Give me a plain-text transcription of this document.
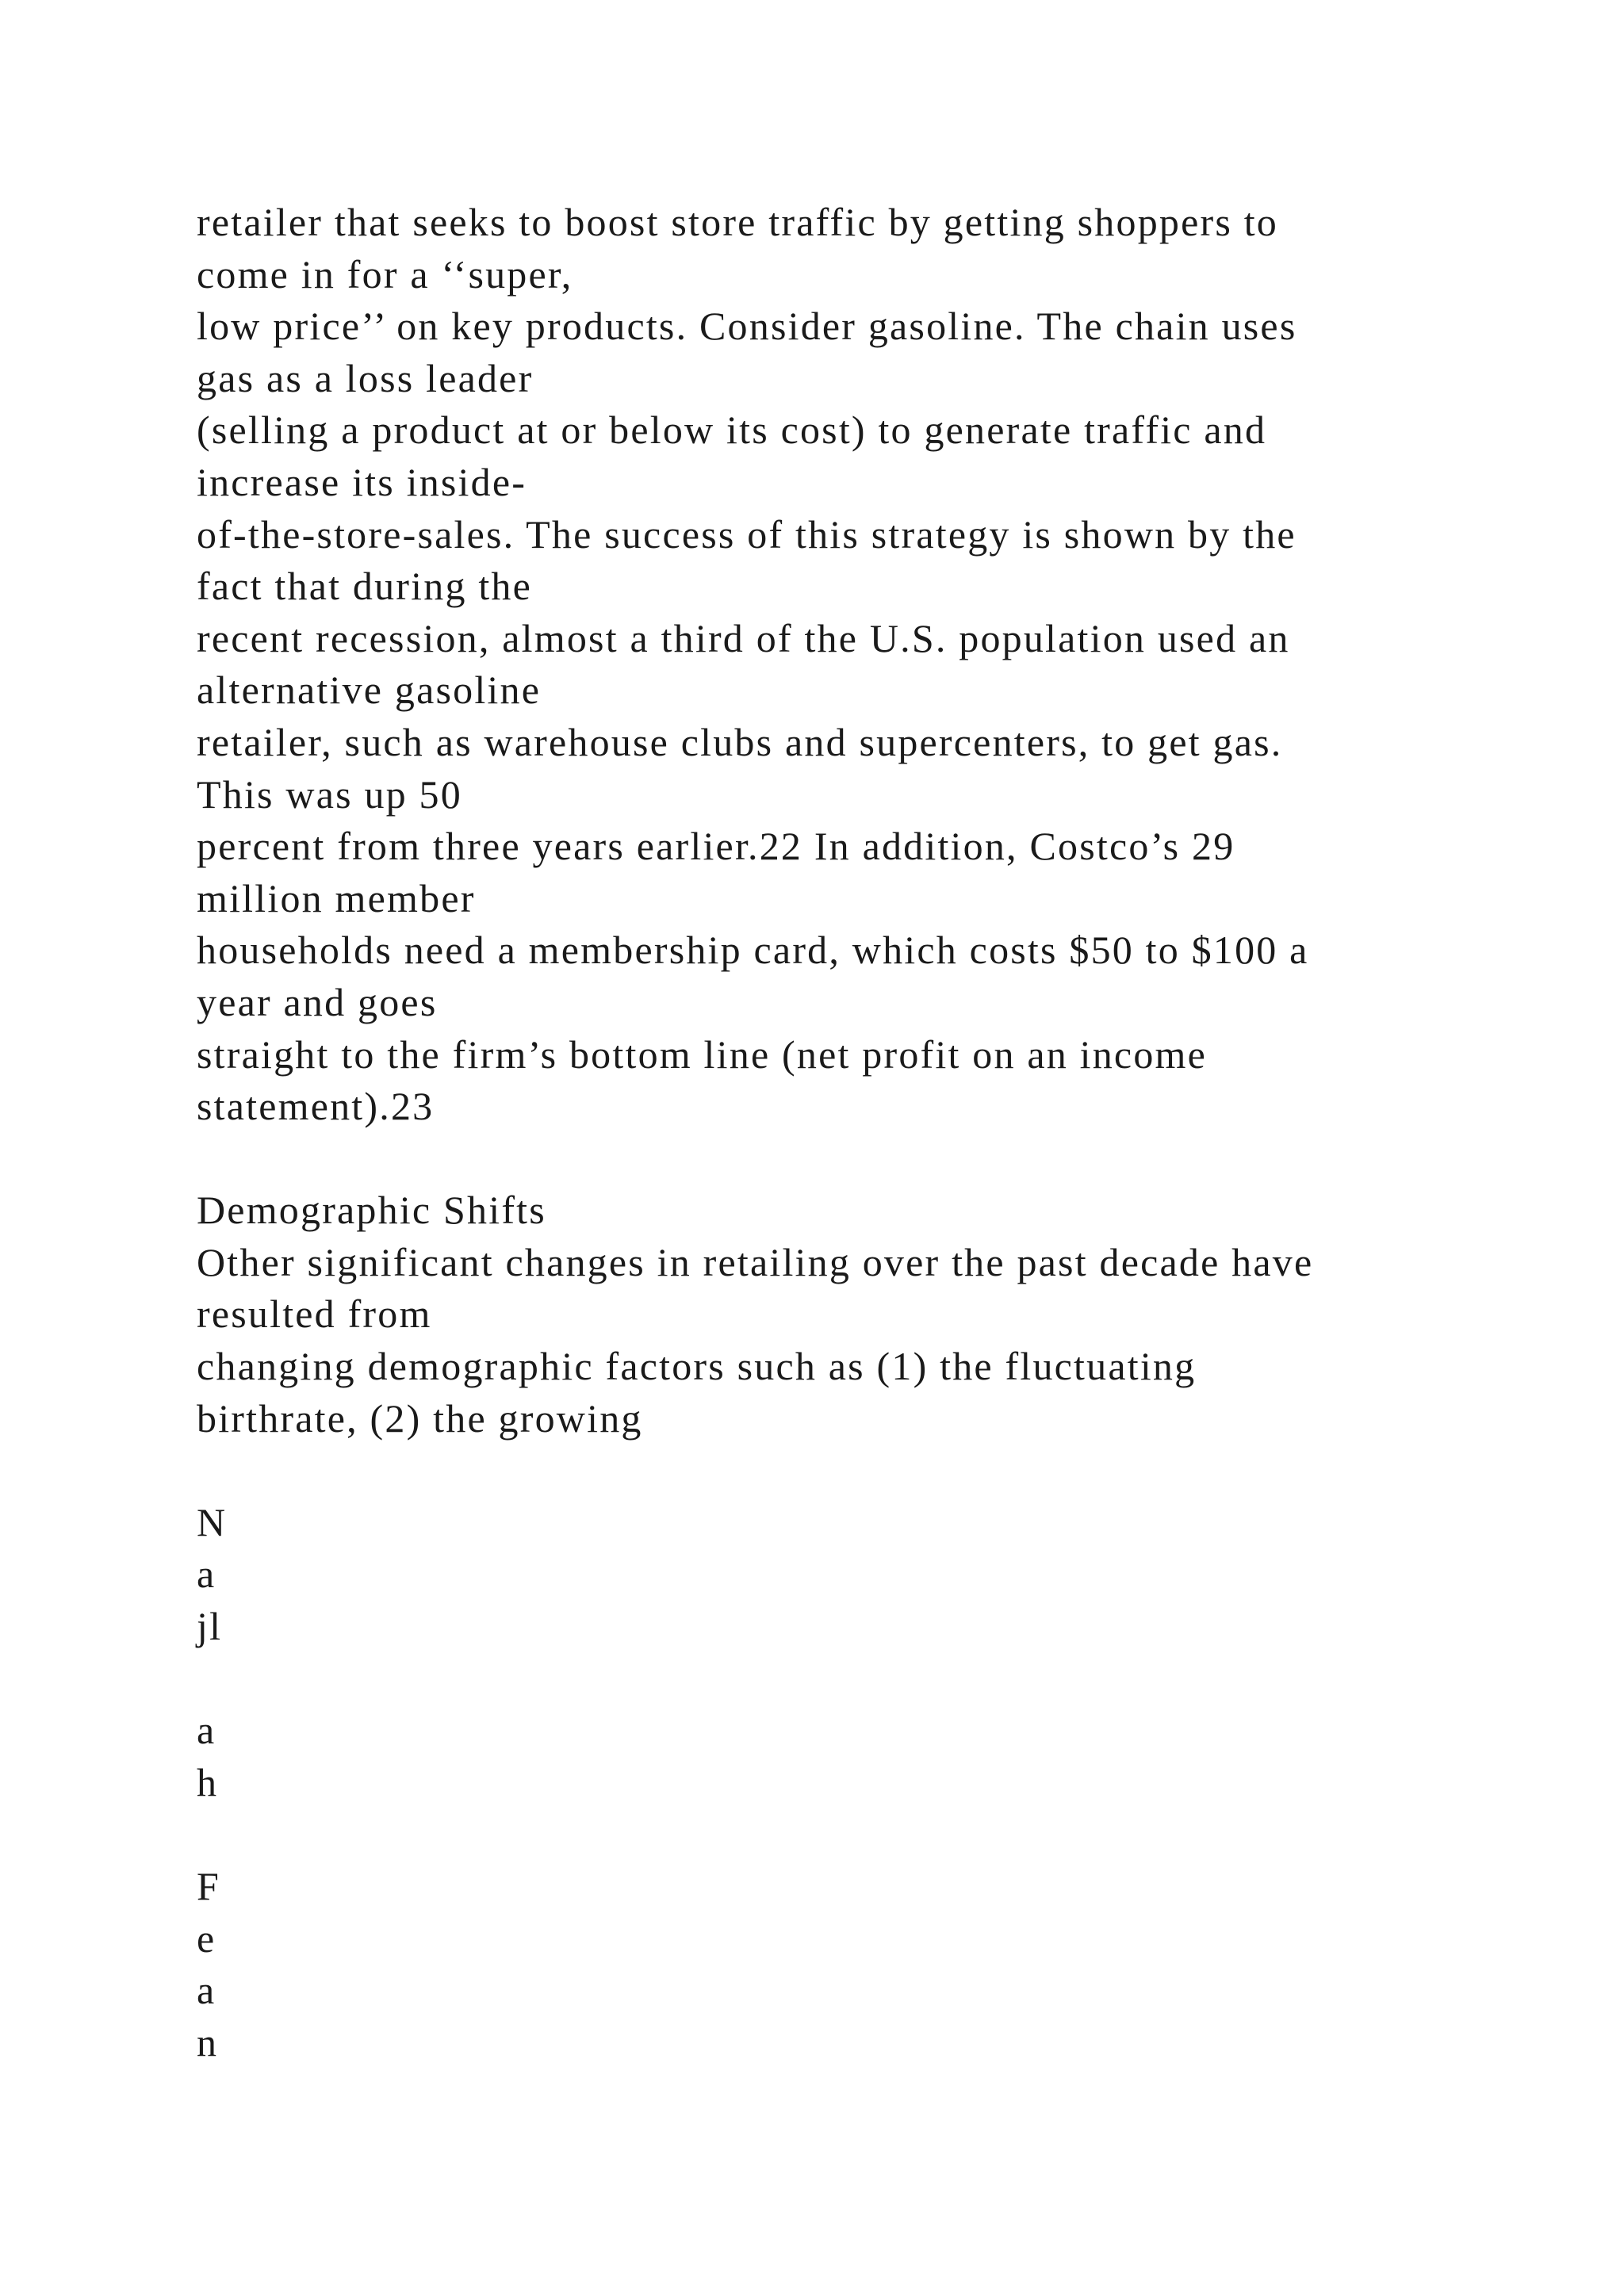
retailer that seeks to boost store traffic by getting shoppers to
come in for a ‘‘super,
low price’’ on key products. Consider gasoline. The chain uses
gas as a loss leader
(selling a product at or below its cost) to generate traffic and
increase its inside-
of-the-store-sales. The success of this strategy is shown by the
fact that during the
recent recession, almost a third of the U.S. population used an
alternative gasoline
retailer, such as warehouse clubs and supercenters, to get gas.
This was up 50
percent from three years earlier.22 In addition, Costco’s 29
million member
households need a membership card, which costs $50 to $100 a
year and goes
straight to the firm’s bottom line (net profit on an income
statement).23
Demographic Shifts
Other significant changes in retailing over the past decade have
resulted from
changing demographic factors such as (1) the fluctuating
birthrate, (2) the growing
N
a
jl
a
h
F
e
a
n
